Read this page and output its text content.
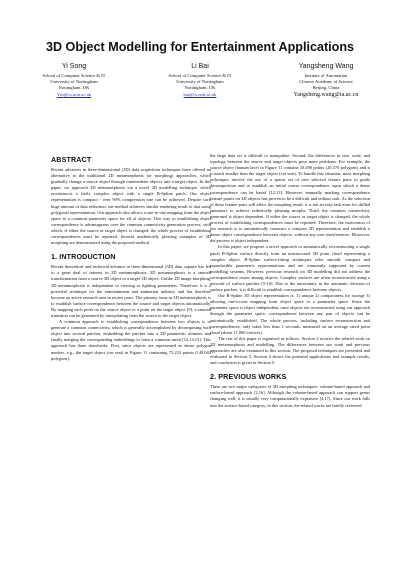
3D Object Modelling for Entertainment Applications
Yi Song
School of Computer Science & IT
University of Nottingham
Nottingham, UK
Yzs@cs.nott.ac.uk
Li Bai
School of Computer Science & IT
University of Nottingham
Nottingham, UK
bai@cs.nott.ac.uk
Yangsheng Wang
Institute of Automation
Chinese Academy of Science
Beijing, China
Yangsheng.wang@ia.ac.cn
ABSTRACT

Recent advances in three-dimensional (3D) data acquisition techniques have offered an alternative to the traditional 2D metamorphosis (or morphing) approaches, which gradually change a source object through intermediate objects into a target object. In this paper, we approach 3D metamorphosis via a novel 3D modelling technique, which reconstructs a fairly complex object with a single B-Spline patch. Our object representation is compact - over 90% compression rate can be achieved. Despite such huge amount of data reduction, our method achieves similar rendering result to that using polygonal representation. Our approach also allows a one-to-one mapping from the object space to a common parameter space for all of objects. This way to establishing object correspondence is advantageous over the common connectivity generation process, with which, if either the source or target object is changed, the whole process of establishing correspondences must be repeated. Several aesthetically pleasing examples of 3D morphing are demonstrated using the proposed method.

1. INTRODUCTION

Recent theoretical and technical advance in three-dimensional (3D) data capture has led to a great deal of interest in 3D metamorphosis. 3D metamorphosis is a smooth transformation from a source 3D object to a target 3D object. Unlike 2D image morphing, 3D metamorphosis is independent of viewing or lighting parameters. Therefore, it is a powerful technique for the entertainment and animation industry and has therefore become an active research area in recent years. The primary issue in 3D metamorphosis is to establish surface correspondence between the source and target objects automatically. By mapping each point on the source object to a point on the target object [9], a smooth transition can be generated by interpolating from the source to the target object.

A common approach to establishing correspondence between two objects is to generate a common connectivity, which is generally accomplished by decomposing each object into several patches, embedding the patches into a 2D parametric domain, and finally merging the corresponding embeddings to form a common mesh [12,14,15]. This approach has three drawbacks. First, since objects are represented as dense polygon meshes, e.g., the target object (car seat) in Figure 11 containing 75,232 points (149,044 polygons),

the large data set is difficult to manipulate. Second, the differences in size, scale, and topology between the source and target objects pose more problems. For example, the source object (human face) in Figure 11 contains 10,490 points (20,370 polygons) and it is much smaller than the target object (car seat). To handle this situation, most morphing techniques involve the use of a sparse set of user selected feature pairs to guide decomposition and to establish an initial coarse correspondence, upon which a dense correspondence can be based [12,13]. However, manually marking correspondence feature points on 3D objects has proven to be a difficult and tedious task. As the selection of these feature pairs will affect the morphing result, it is not an easy task even for skilled animators to achieve esthetically pleasing morphs. Third, the common connectivity generated is object dependent. If either the source or target object is changed, the whole process of establishing correspondences must be repeated. Therefore, the motivation of our research is to automatically construct a compact 3D representation and establish a dense object correspondence between objects, without any user interferences. Moreover, the process is object independent.

In this paper, we propose a novel approach to automatically reconstructing a single patch B-Spline surface directly from an unstructured 3D point cloud representing a complex object. B-Spline surface-fitting techniques offer smooth, compact and reproducible parametric representations and are commonly supported by current modelling systems. However, previous research on 3D modelling did not address the correspondence issues among objects. Complex surfaces are often reconstructed using a network of surface patches [5-10]. Due to the uncertainty in the automatic division of surface patches, it is difficult to establish correspondence between objects.

Our B-Spline 3D object representation is: 1) unique 2) compactness for storage 3) allowing one-to-one mapping from object space to a parameter space. Since the parameter space is object independent, once objects are reconstructed using our approach through the parameter space, correspondence between any pair of objects can be automatically established. The whole process, including surface reconstruction and correspondences, only takes less than 1 seconds, measured on an average sized point cloud (about 11,000 vertices).

The rest of this paper is organised as follows. Section 2 reviews the related work on 3D metamorphosis and modelling. The differences between our work and previous approaches are also examined in this section. The proposed techniques are presented and evaluated in Section 3. Section 4 shows the potential applications and example results, and conclusion is given in Section 5.

2. PREVIOUS WORKS

There are two major categories of 3D morphing techniques: volume-based approach and surface-based approach [2,16]. Although the volume-based approach can support genus changing well, it is usually very computationally expensive [4,17]. Since our work falls into the surface-based category, in this section, the related works are briefly reviewed.
